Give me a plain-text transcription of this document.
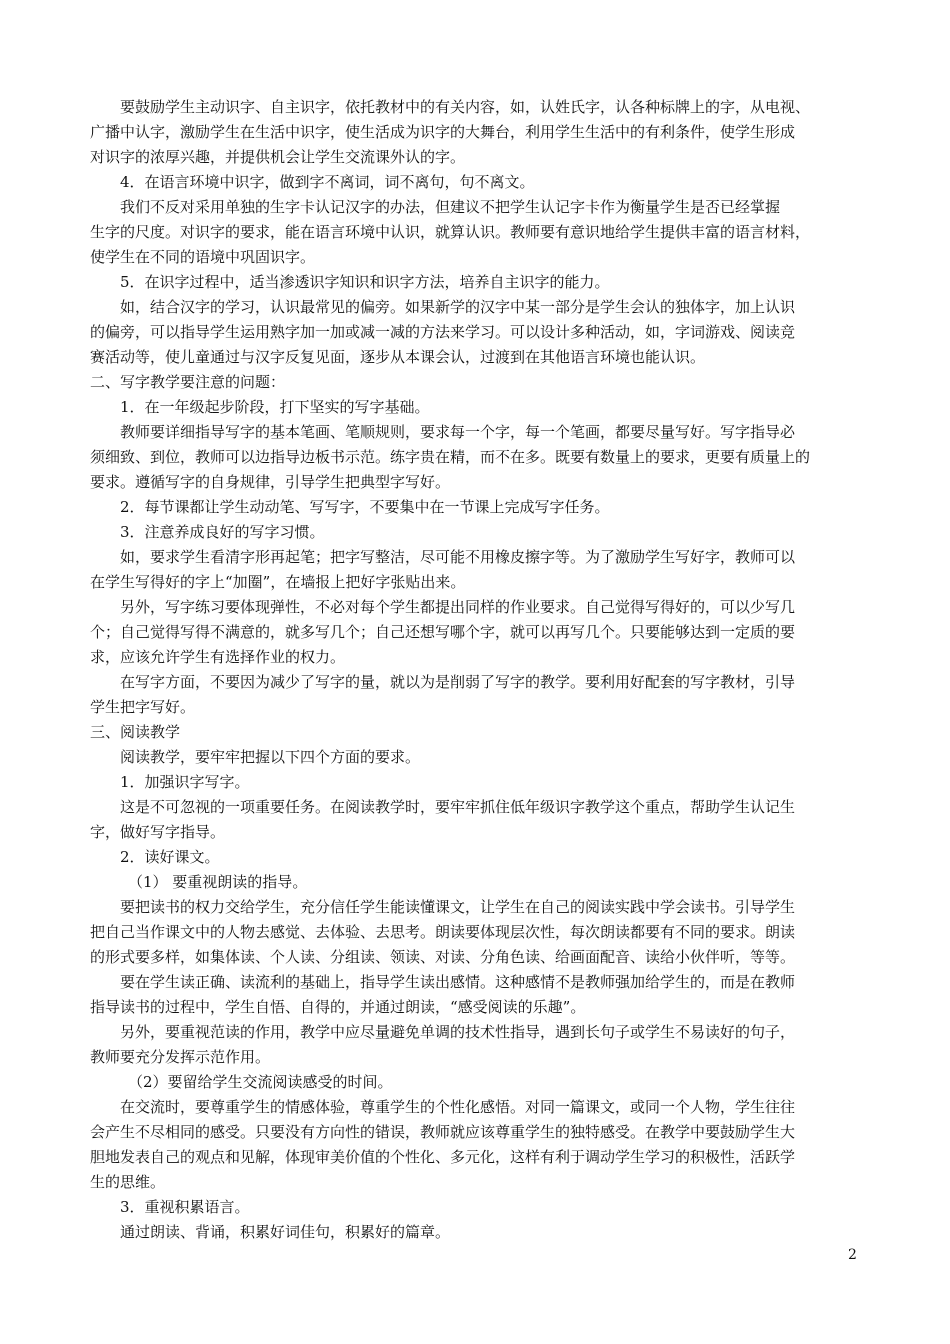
要鼓励学生主动识字、自主识字，依托教材中的有关内容，如，认姓氏字，认各种标牌上的字，从电视、
广播中认字，激励学生在生活中识字，使生活成为识字的大舞台，利用学生生活中的有利条件，使学生形成
对识字的浓厚兴趣，并提供机会让学生交流课外认的字。
4．在语言环境中识字，做到字不离词，词不离句，句不离文。
我们不反对采用单独的生字卡认记汉字的办法，但建议不把学生认记字卡作为衡量学生是否已经掌握
生字的尺度。对识字的要求，能在语言环境中认识，就算认识。教师要有意识地给学生提供丰富的语言材料，
使学生在不同的语境中巩固识字。
5．在识字过程中，适当渗透识字知识和识字方法，培养自主识字的能力。
如，结合汉字的学习，认识最常见的偏旁。如果新学的汉字中某一部分是学生会认的独体字，加上认识
的偏旁，可以指导学生运用熟字加一加或减一减的方法来学习。可以设计多种活动，如，字词游戏、阅读竞
赛活动等，使儿童通过与汉字反复见面，逐步从本课会认，过渡到在其他语言环境也能认识。
二、写字教学要注意的问题：
1．在一年级起步阶段，打下坚实的写字基础。
教师要详细指导写字的基本笔画、笔顺规则，要求每一个字，每一个笔画，都要尽量写好。写字指导必
须细致、到位，教师可以边指导边板书示范。练字贵在精，而不在多。既要有数量上的要求，更要有质量上的
要求。遵循写字的自身规律，引导学生把典型字写好。
2．每节课都让学生动动笔、写写字，不要集中在一节课上完成写字任务。
3．注意养成良好的写字习惯。
如，要求学生看清字形再起笔；把字写整洁，尽可能不用橡皮擦字等。为了激励学生写好字，教师可以
在学生写得好的字上“加圈”，在墙报上把好字张贴出来。
另外，写字练习要体现弹性，不必对每个学生都提出同样的作业要求。自己觉得写得好的，可以少写几
个；自己觉得写得不满意的，就多写几个；自己还想写哪个字，就可以再写几个。只要能够达到一定质的要
求，应该允许学生有选择作业的权力。
在写字方面，不要因为减少了写字的量，就以为是削弱了写字的教学。要利用好配套的写字教材，引导
学生把字写好。
三、阅读教学
阅读教学，要牢牢把握以下四个方面的要求。
1．加强识字写字。
这是不可忽视的一项重要任务。在阅读教学时，要牢牢抓住低年级识字教学这个重点，帮助学生认记生
字，做好写字指导。
2．读好课文。
（1） 要重视朗读的指导。
要把读书的权力交给学生，充分信任学生能读懂课文，让学生在自己的阅读实践中学会读书。引导学生
把自己当作课文中的人物去感觉、去体验、去思考。朗读要体现层次性，每次朗读都要有不同的要求。朗读
的形式要多样，如集体读、个人读、分组读、领读、对读、分角色读、给画面配音、读给小伙伴听，等等。
要在学生读正确、读流利的基础上，指导学生读出感情。这种感情不是教师强加给学生的，而是在教师
指导读书的过程中，学生自悟、自得的，并通过朗读，“感受阅读的乐趣”。
另外，要重视范读的作用，教学中应尽量避免单调的技术性指导，遇到长句子或学生不易读好的句子，
教师要充分发挥示范作用。
（2）要留给学生交流阅读感受的时间。
在交流时，要尊重学生的情感体验，尊重学生的个性化感悟。对同一篇课文，或同一个人物，学生往往
会产生不尽相同的感受。只要没有方向性的错误，教师就应该尊重学生的独特感受。在教学中要鼓励学生大
胆地发表自己的观点和见解，体现审美价值的个性化、多元化，这样有利于调动学生学习的积极性，活跃学
生的思维。
3．重视积累语言。
通过朗读、背诵，积累好词佳句，积累好的篇章。
2
